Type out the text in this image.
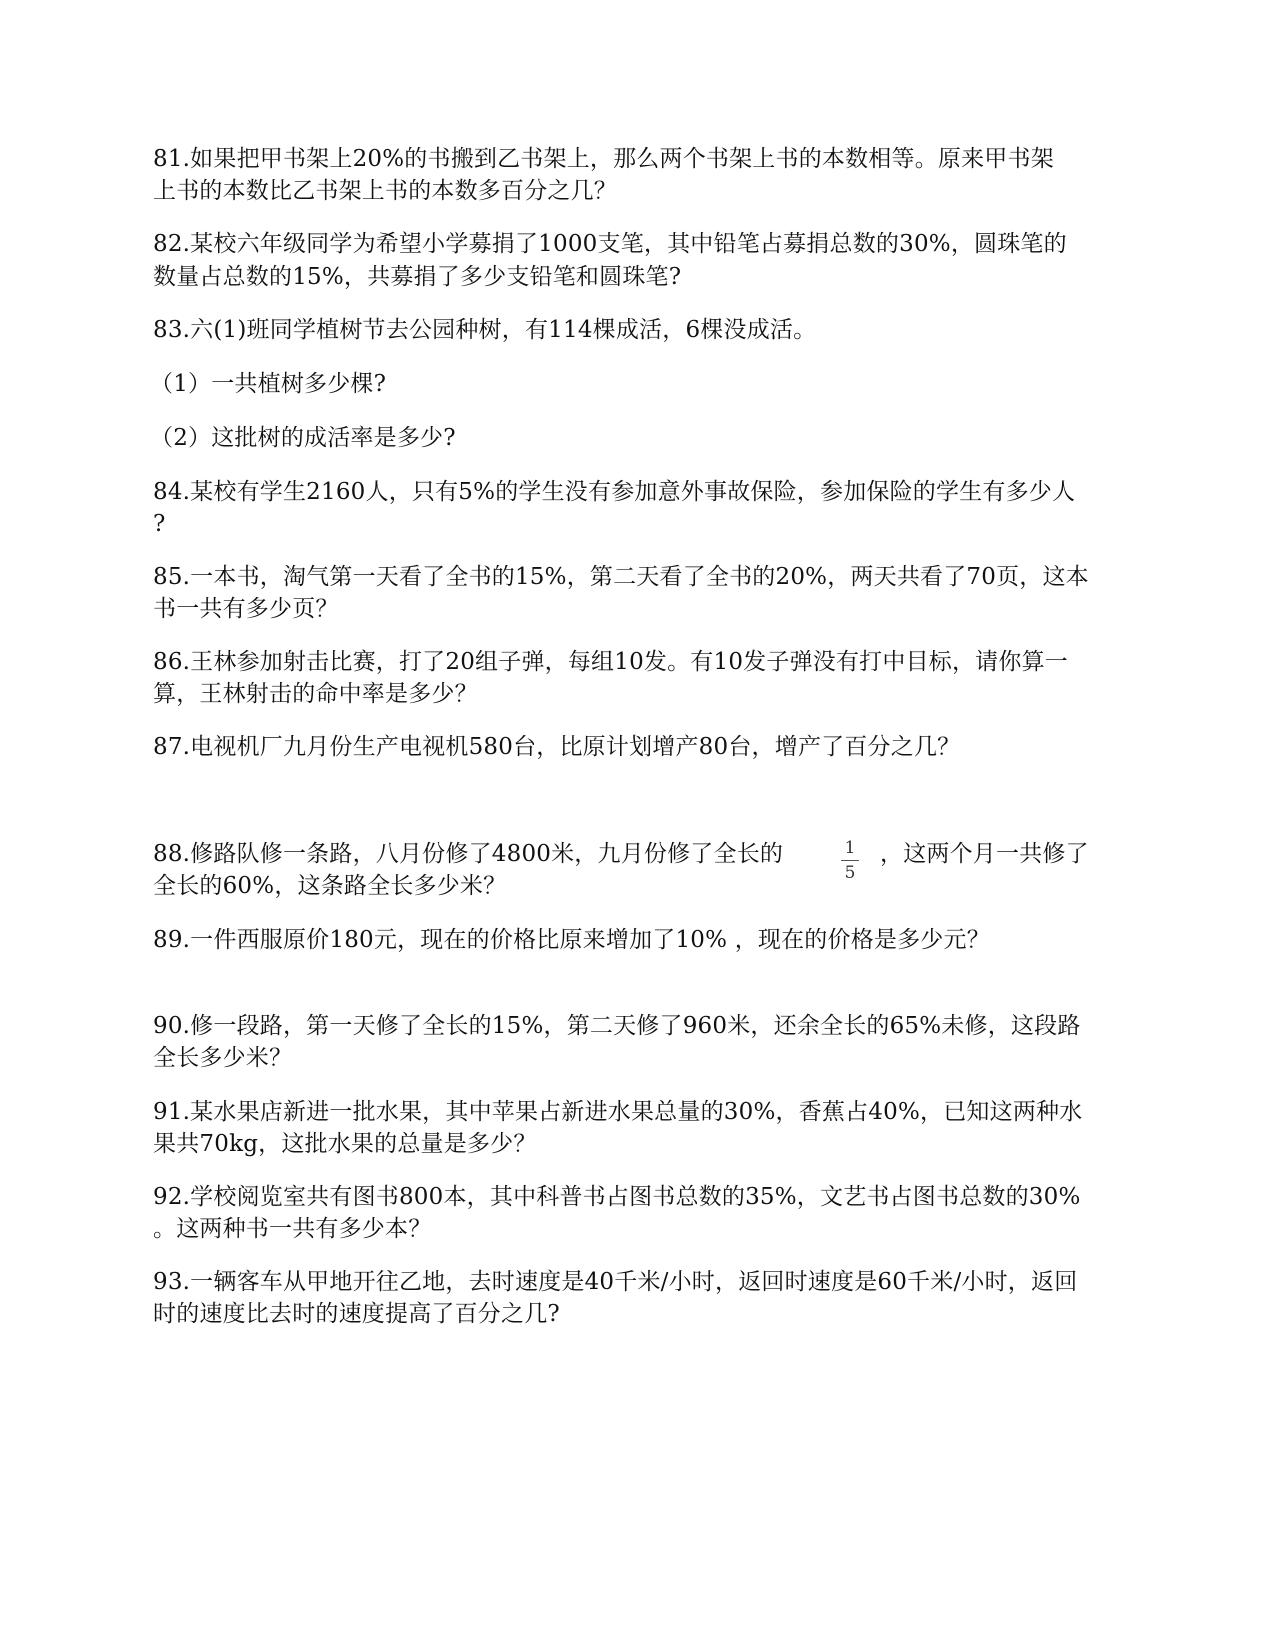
81.如果把甲书架上20%的书搬到乙书架上，那么两个书架上书的本数相等。原来甲书架
上书的本数比乙书架上书的本数多百分之几？
82.某校六年级同学为希望小学募捐了1000支笔，其中铅笔占募捐总数的30%，圆珠笔的
数量占总数的15%，共募捐了多少支铅笔和圆珠笔?
83.六(1)班同学植树节去公园种树，有114棵成活，6棵没成活。
（1）一共植树多少棵?
（2）这批树的成活率是多少?
84.某校有学生2160人，只有5%的学生没有参加意外事故保险，参加保险的学生有多少人
?
85.一本书，淘气第一天看了全书的15%，第二天看了全书的20%，两天共看了70页，这本
书一共有多少页？
86.王林参加射击比赛，打了20组子弹，每组10发。有10发子弹没有打中目标，请你算一
算，王林射击的命中率是多少？
87.电视机厂九月份生产电视机580台，比原计划增产80台，增产了百分之几？
88.修路队修一条路，八月份修了4800米，九月份修了全长的	1
5
，这两个月一共修了
全长的60%，这条路全长多少米？
89.一件西服原价180元，现在的价格比原来增加了10% ，现在的价格是多少元？
90.修一段路，第一天修了全长的15%，第二天修了960米，还余全长的65%未修，这段路
全长多少米？
91.某水果店新进一批水果，其中苹果占新进水果总量的30%，香蕉占40%，已知这两种水
果共70kg，这批水果的总量是多少？
92.学校阅览室共有图书800本，其中科普书占图书总数的35%，文艺书占图书总数的30%
。这两种书一共有多少本？
93.一辆客车从甲地开往乙地，去时速度是40千米/小时，返回时速度是60千米/小时，返回
时的速度比去时的速度提高了百分之几?
